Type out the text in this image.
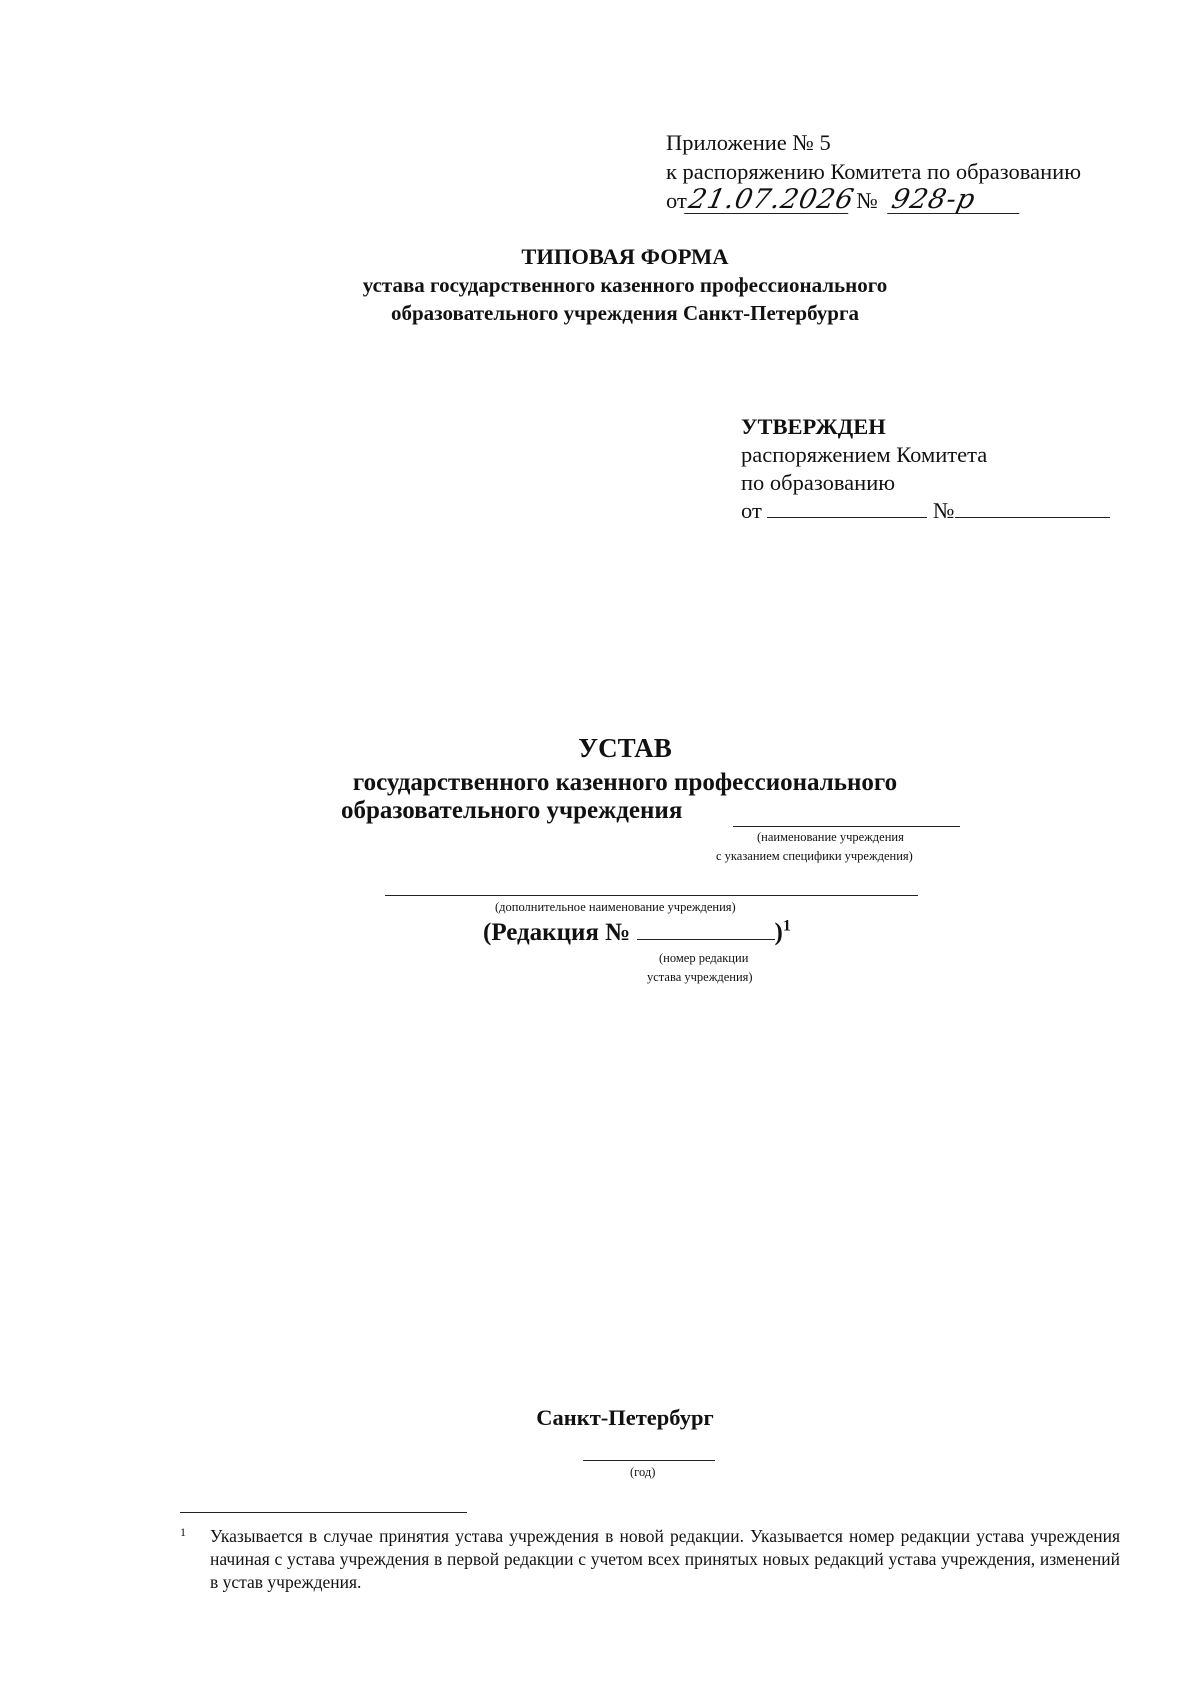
Приложение № 5
к распоряжению Комитета по образованию
от21.07.2026 № 928-р
ТИПОВАЯ ФОРМА
устава государственного казенного профессионального
образовательного учреждения Санкт-Петербурга
УТВЕРЖДЕН
распоряжением Комитета
по образованию
от	№
УСТАВ
государственного казенного профессионального
образовательного учреждения
(наименование учреждения
с указанием специфики учреждения)
(дополнительное наименование учреждения)
(Редакция №	)$^1$
(номер редакции
устава учреждения)
Санкт-Петербург
(год)
1 Указывается в случае принятия устава учреждения в новой редакции. Указывается номер редакции устава учреждения начиная с устава учреждения в первой редакции с учетом всех принятых новых редакций устава учреждения, изменений в устав учреждения.
